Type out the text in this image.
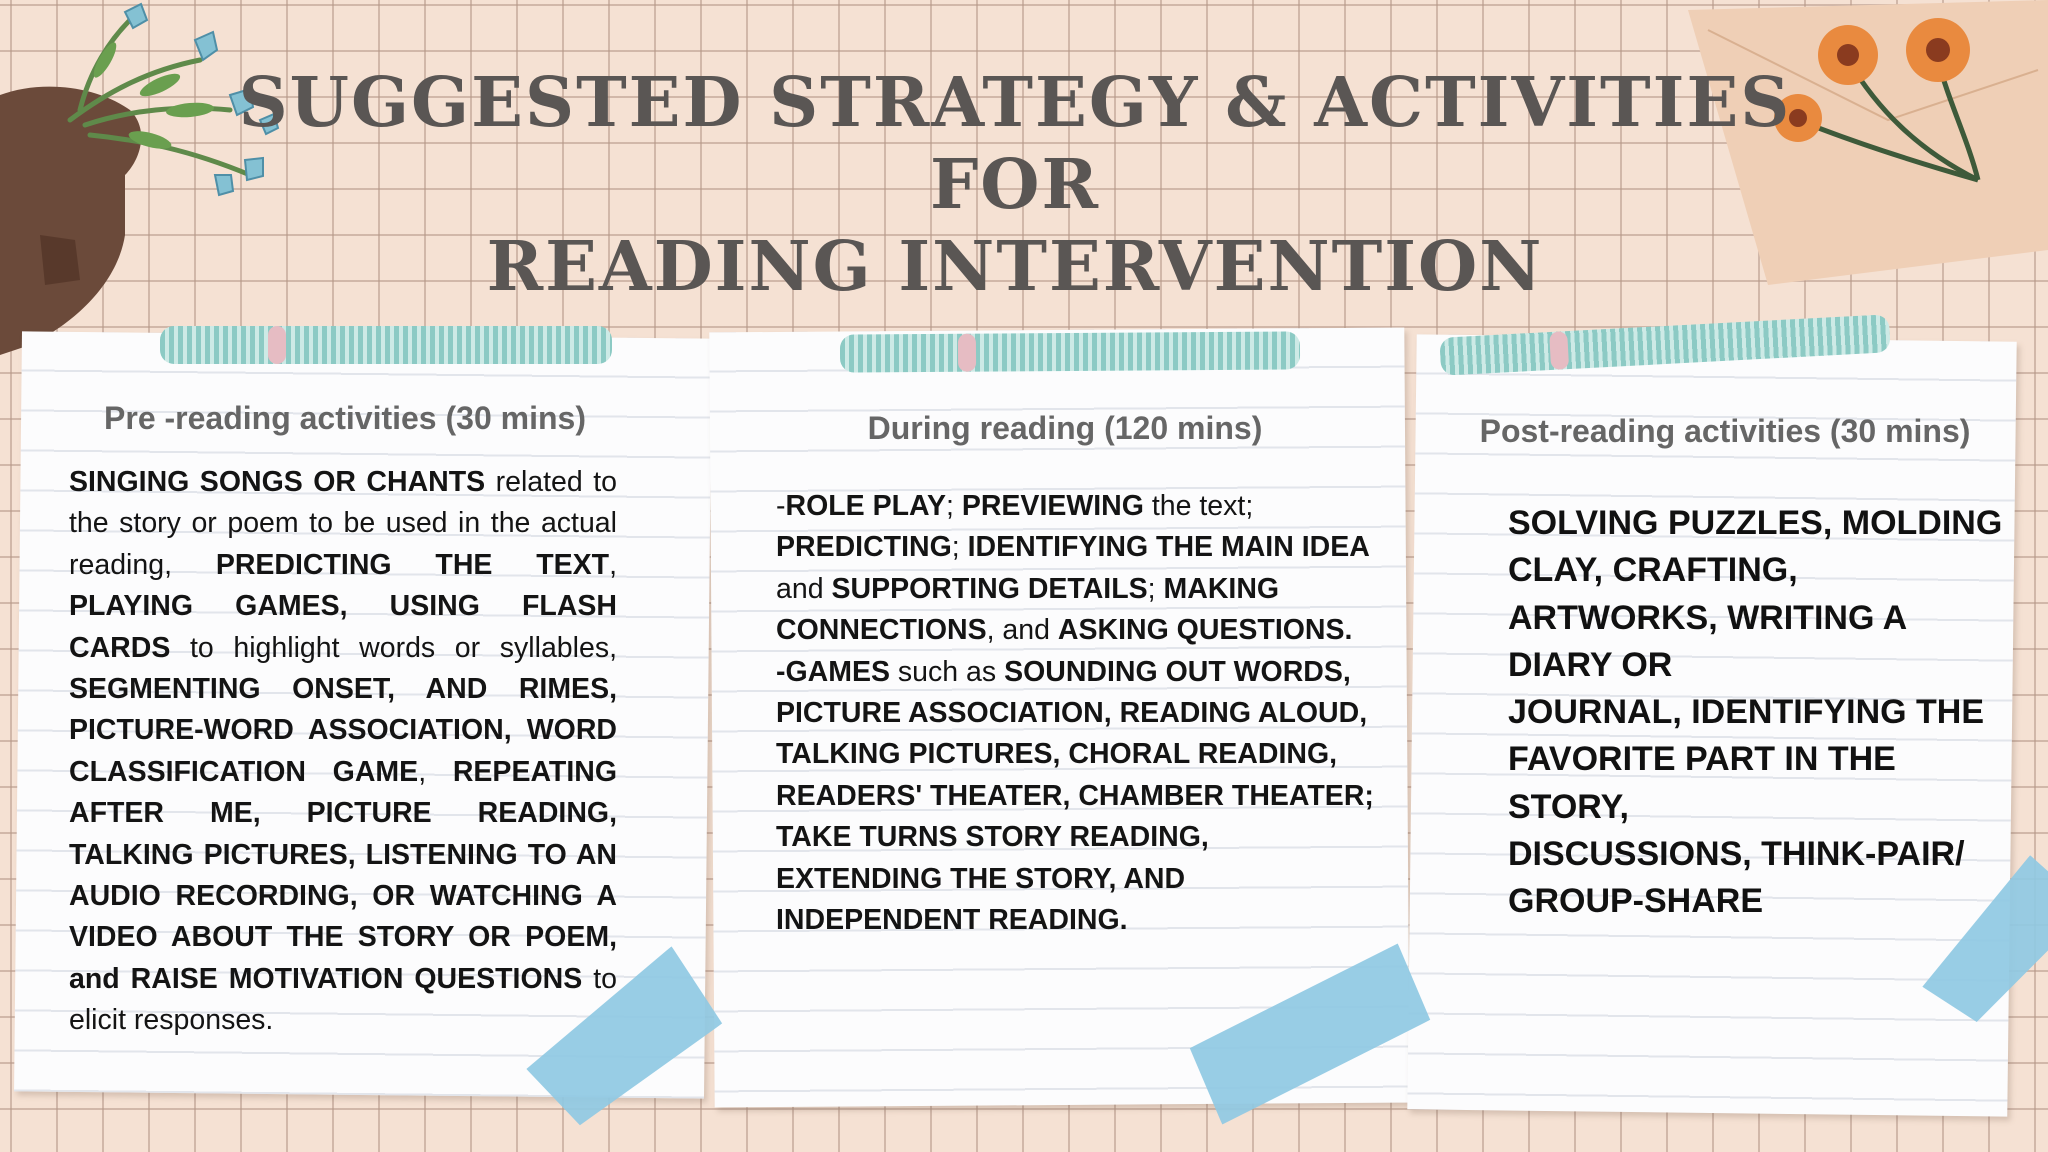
SUGGESTED STRATEGY & ACTIVITIES FOR
READING INTERVENTION
Pre -reading activities (30 mins)

SINGING SONGS OR CHANTS related to the story or poem to be used in the actual reading, PREDICTING THE TEXT, PLAYING GAMES, USING FLASH CARDS to highlight words or syllables, SEGMENTING ONSET, AND RIMES, PICTURE-WORD ASSOCIATION, WORD CLASSIFICATION GAME, REPEATING AFTER ME, PICTURE READING, TALKING PICTURES, LISTENING TO AN AUDIO RECORDING, OR WATCHING A VIDEO ABOUT THE STORY OR POEM, and RAISE MOTIVATION QUESTIONS to elicit responses.

During reading (120 mins)

-ROLE PLAY; PREVIEWING the text; PREDICTING; IDENTIFYING THE MAIN IDEA and SUPPORTING DETAILS; MAKING CONNECTIONS, and ASKING QUESTIONS.
-GAMES such as SOUNDING OUT WORDS, PICTURE ASSOCIATION, READING ALOUD, TALKING PICTURES, CHORAL READING,
READERS' THEATER, CHAMBER THEATER; TAKE TURNS STORY READING, EXTENDING THE STORY, AND INDEPENDENT READING.

Post-reading activities (30 mins)

SOLVING PUZZLES, MOLDING CLAY, CRAFTING, ARTWORKS, WRITING A DIARY OR
JOURNAL, IDENTIFYING THE FAVORITE PART IN THE STORY,
DISCUSSIONS, THINK-PAIR/ GROUP-SHARE
